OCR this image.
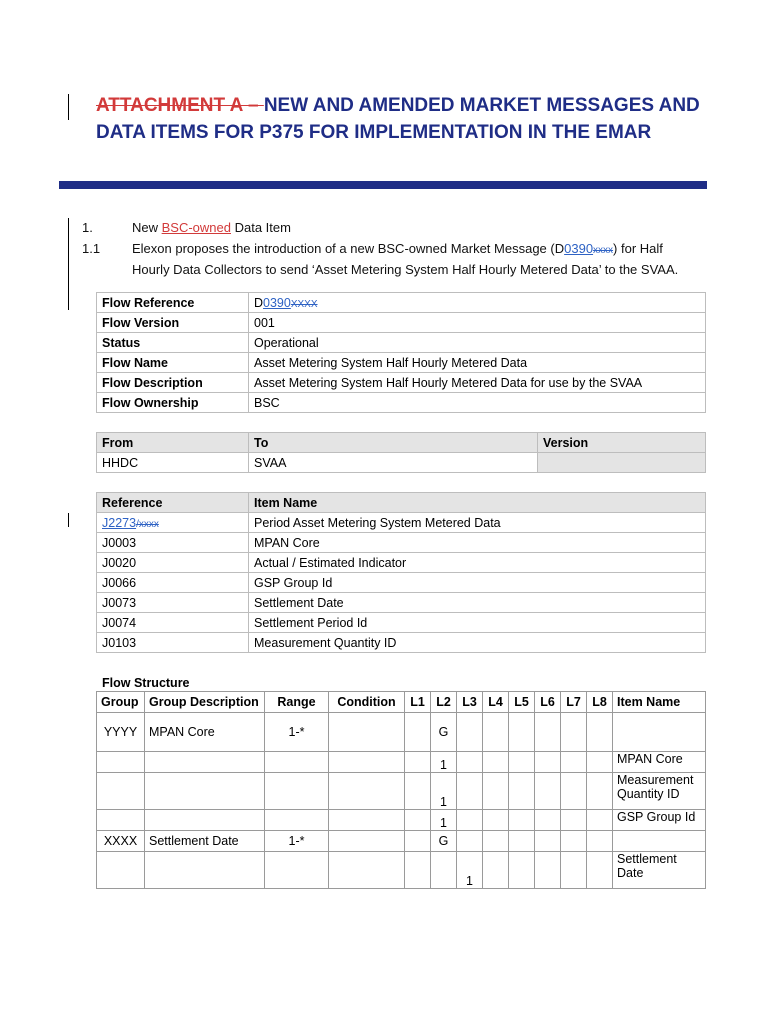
ATTACHMENT A – NEW AND AMENDED MARKET MESSAGES AND DATA ITEMS FOR P375 FOR IMPLEMENTATION IN THE EMAR
1.	New BSC-owned Data Item
1.1 Elexon proposes the introduction of a new BSC-owned Market Message (D0390xxxx) for Half
Hourly Data Collectors to send ‘Asset Metering System Half Hourly Metered Data’ to the SVAA.
Flow Reference	D0390XXXX
Flow Version	001
Status	Operational
Flow Name	Asset Metering System Half Hourly Metered Data
Flow Description	Asset Metering System Half Hourly Metered Data for use by the SVAA
Flow Ownership	BSC
From	To	Version
HHDC	SVAA	
Reference	Item Name
J2273/xxxx	Period Asset Metering System Metered Data
J0003	MPAN Core
J0020	Actual / Estimated Indicator
J0066	GSP Group Id
J0073	Settlement Date
J0074	Settlement Period Id
J0103	Measurement Quantity ID
Flow Structure
Group	Group Description	Range	Condition	L1	L2	L3	L4	L5	L6	L7	L8	Item Name
YYYY	MPAN Core	1-*			G							
					1							MPAN Core
					1							Measurement Quantity ID
					1							GSP Group Id
XXXX	Settlement Date	1-*			G							
						1						Settlement Date
